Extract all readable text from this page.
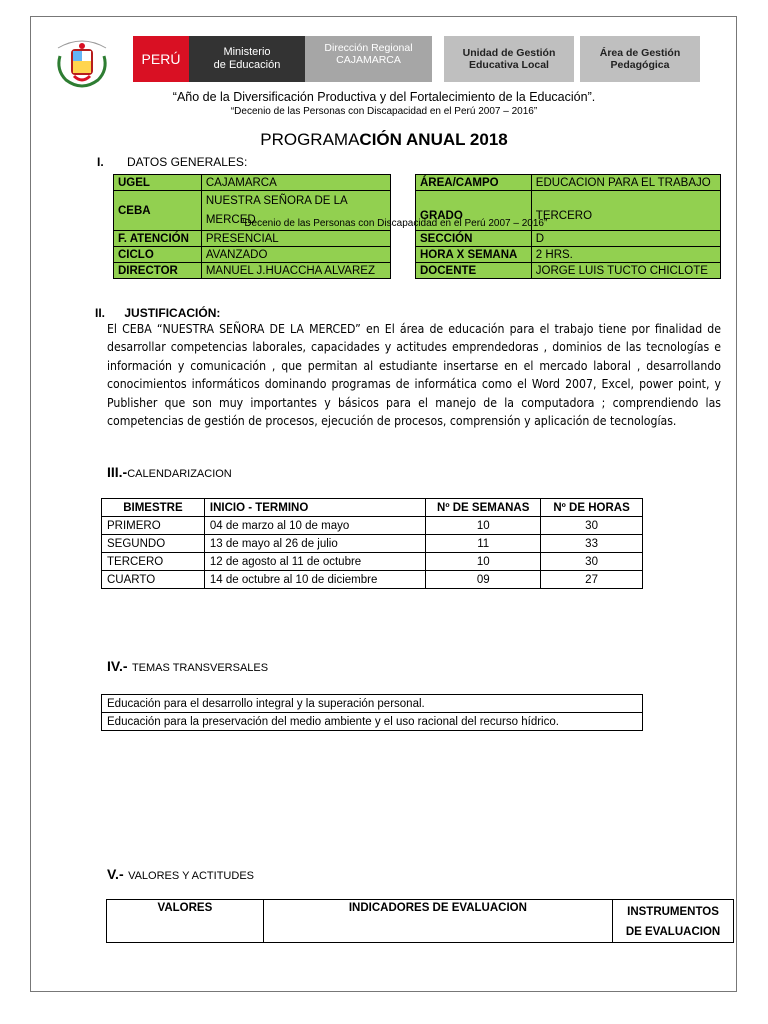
PERÚ	Ministerio
de Educación
Dirección Regional
CAJAMARCA
Unidad de Gestión
Educativa Local
Área de Gestión
Pedagógica
“Año de la Diversificación Productiva y del Fortalecimiento de la Educación”.
“Decenio de las Personas con Discapacidad en el Perú 2007 – 2016”
PROGRAMACIÓN ANUAL 2018
I. DATOS GENERALES:
UGEL	CAJAMARCA
CEBA	NUESTRA SEÑORA DE LA MERCED
F. ATENCIÓN	PRESENCIAL
CICLO	AVANZADO
DIRECTOR	MANUEL J.HUACCHA ALVAREZ
ÁREA/CAMPO	EDUCACION PARA EL TRABAJO
GRADO	TERCERO
SECCIÓN	D
HORA X SEMANA	2 HRS.
DOCENTE	JORGE LUIS TUCTO CHICLOTE
“Decenio de las Personas con Discapacidad en el Perú 2007 – 2016”
II. JUSTIFICACIÓN:
El CEBA “NUESTRA SEÑORA DE LA MERCED” en El área de educación para el trabajo tiene por finalidad de desarrollar competencias laborales, capacidades y actitudes emprendedoras , dominios de las tecnologías e información y comunicación , que permitan al estudiante insertarse en el mercado laboral , desarrollando conocimientos informáticos dominando programas de informática como el Word 2007, Excel, power point, y Publisher que son muy importantes y básicos para el manejo de la computadora ; comprendiendo las competencias de gestión de procesos, ejecución de procesos, comprensión y aplicación de tecnologías.
III.-CALENDARIZACION
BIMESTRE	INICIO - TERMINO	Nº DE SEMANAS	Nº DE HORAS
PRIMERO	04 de marzo al 10 de mayo	10	30
SEGUNDO	13 de mayo al 26 de julio	11	33
TERCERO	12 de agosto al 11 de octubre	10	30
CUARTO	14 de octubre al 10 de diciembre	09	27
IV.- TEMAS TRANSVERSALES
Educación para el desarrollo integral y la superación personal.
Educación para la preservación del medio ambiente y el uso racional del recurso hídrico.
V.- VALORES Y ACTITUDES
VALORES	INDICADORES DE EVALUACION	INSTRUMENTOS DE EVALUACION
